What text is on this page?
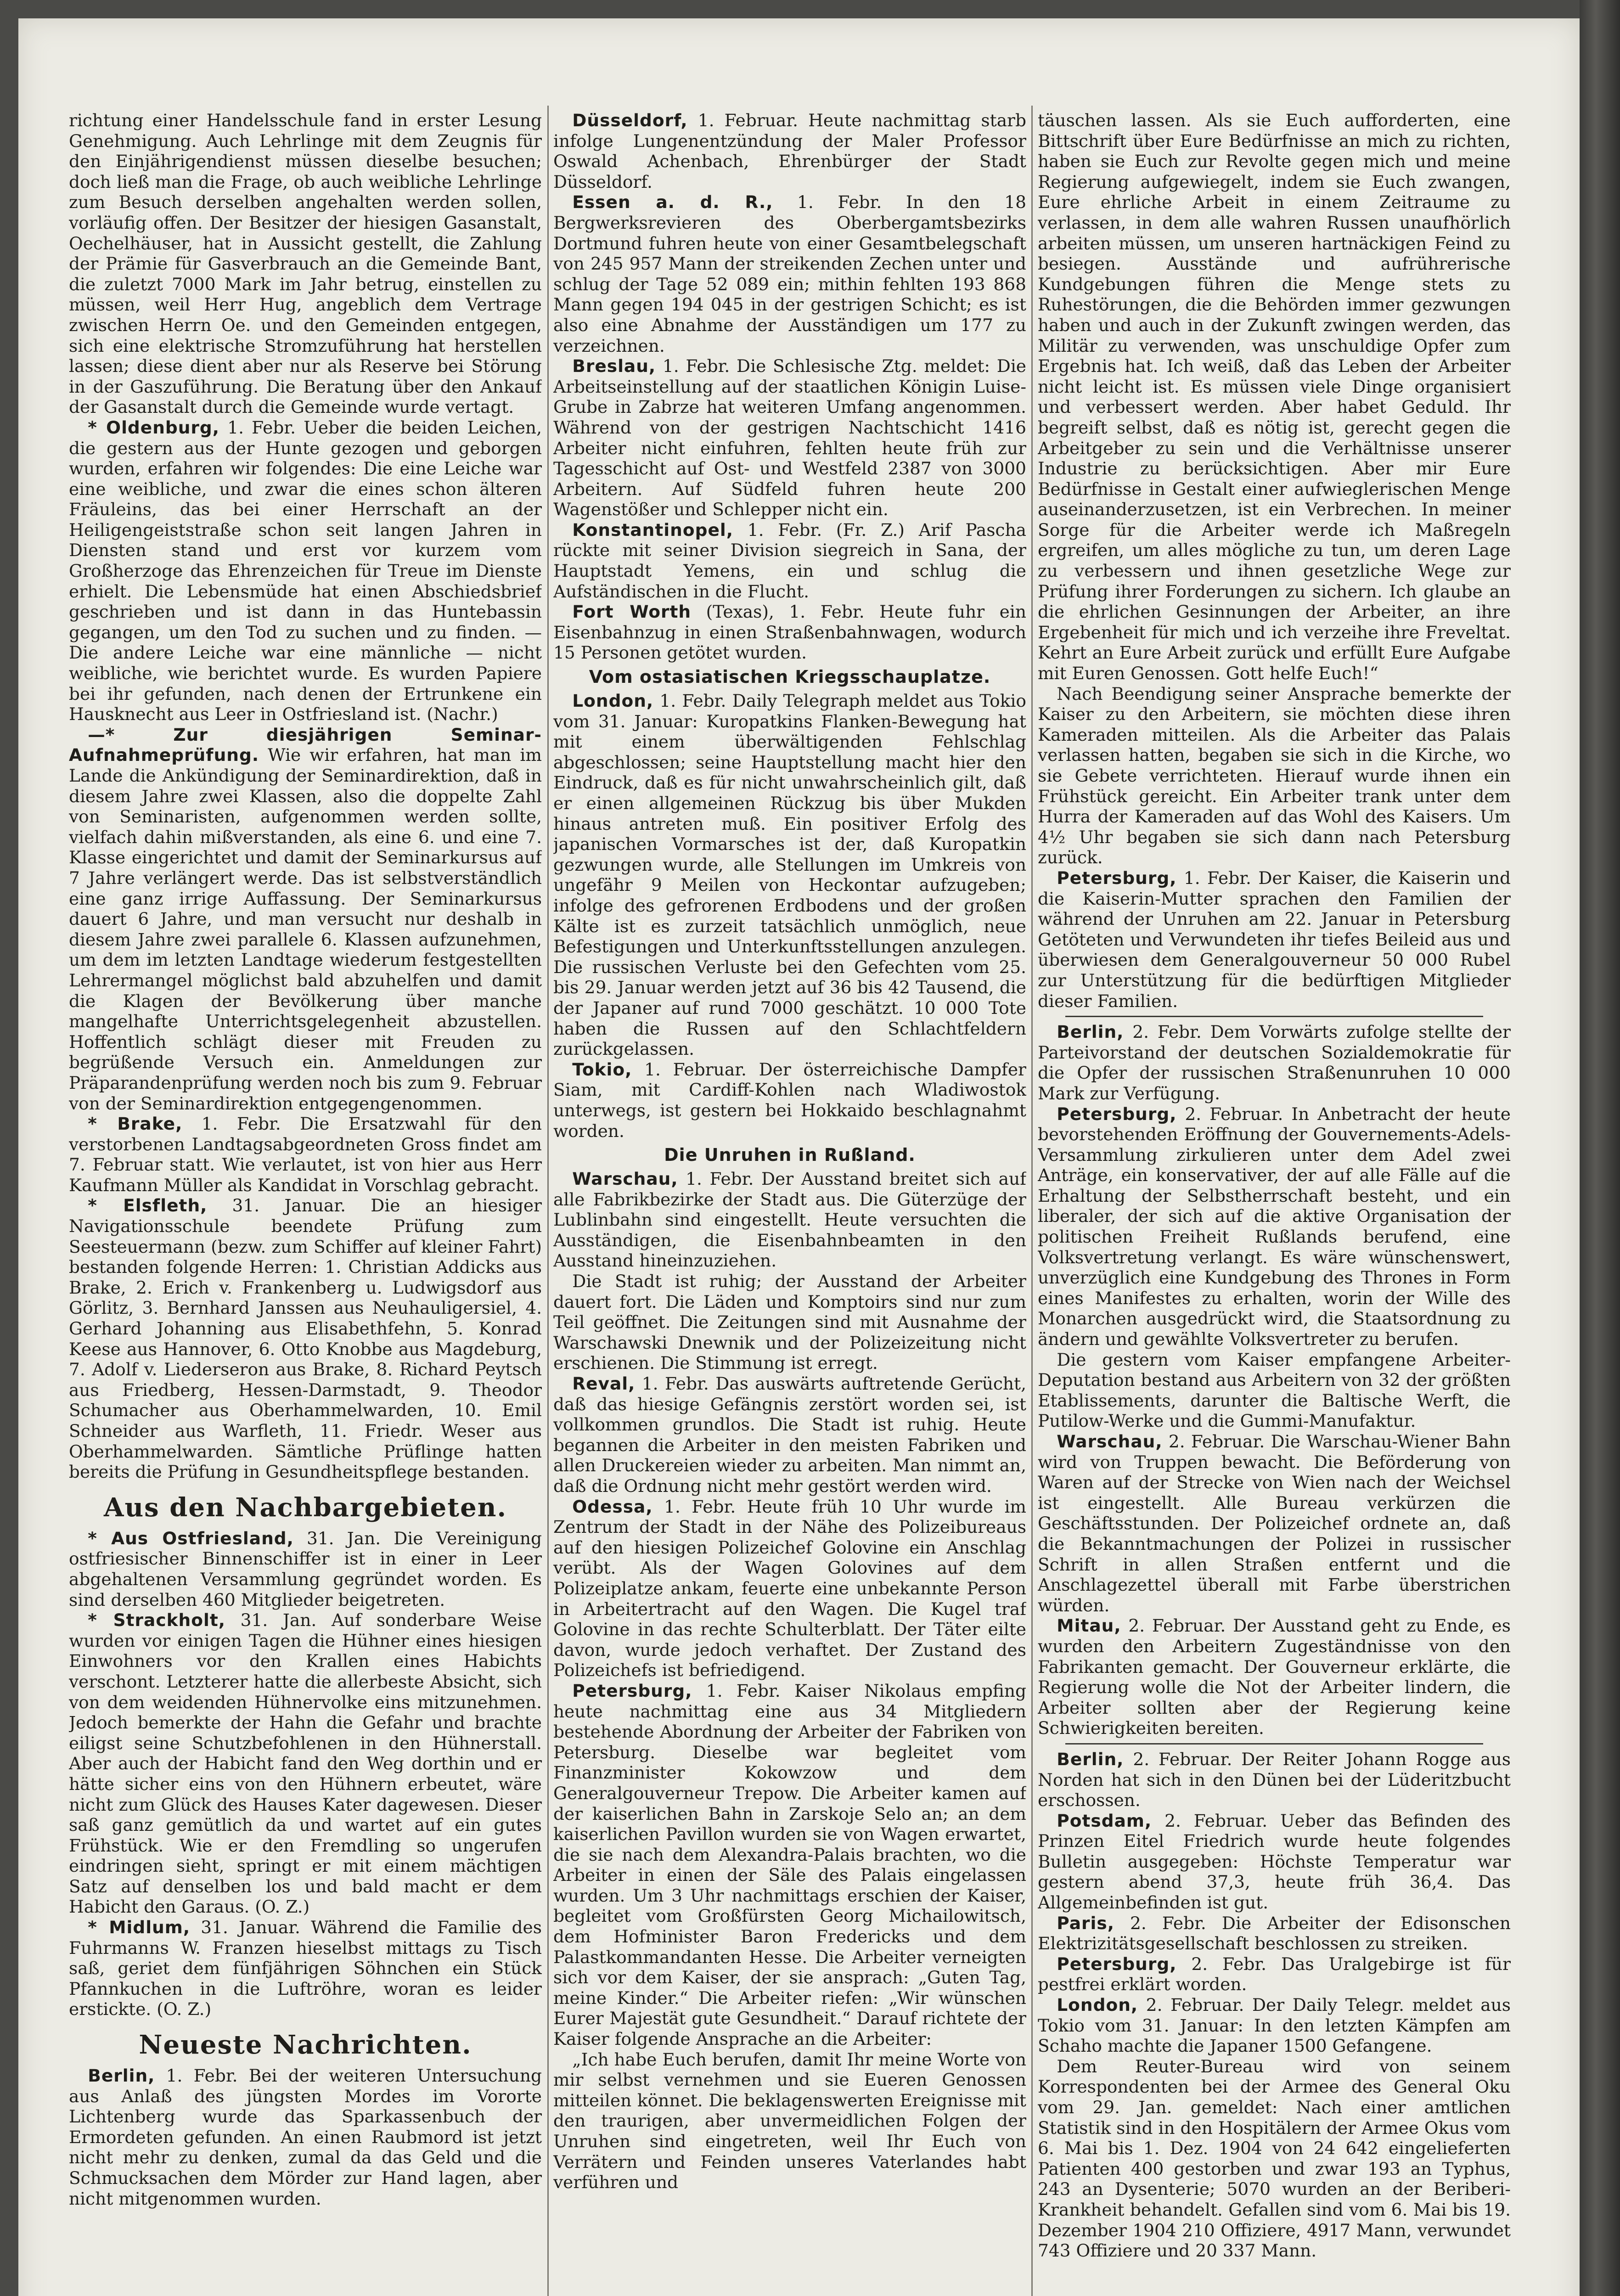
richtung einer Handelsschule fand in erster Lesung Genehmigung. Auch Lehrlinge mit dem Zeugnis für den Einjährigendienst müssen dieselbe besuchen; doch ließ man die Frage, ob auch weibliche Lehrlinge zum Besuch derselben angehalten werden sollen, vorläufig offen. Der Besitzer der hiesigen Gasanstalt, Oechelhäuser, hat in Aussicht gestellt, die Zahlung der Prämie für Gasverbrauch an die Gemeinde Bant, die zuletzt 7000 Mark im Jahr betrug, einstellen zu müssen, weil Herr Hug, angeblich dem Vertrage zwischen Herrn Oe. und den Gemeinden entgegen, sich eine elektrische Stromzuführung hat herstellen lassen; diese dient aber nur als Reserve bei Störung in der Gaszuführung. Die Beratung über den Ankauf der Gasanstalt durch die Gemeinde wurde vertagt.

* Oldenburg, 1. Febr. Ueber die beiden Leichen, die gestern aus der Hunte gezogen und geborgen wurden, erfahren wir folgendes: Die eine Leiche war eine weibliche, und zwar die eines schon älteren Fräuleins, das bei einer Herrschaft an der Heiligengeiststraße schon seit langen Jahren in Diensten stand und erst vor kurzem vom Großherzoge das Ehrenzeichen für Treue im Dienste erhielt. Die Lebensmüde hat einen Abschiedsbrief geschrieben und ist dann in das Huntebassin gegangen, um den Tod zu suchen und zu finden. — Die andere Leiche war eine männliche — nicht weibliche, wie berichtet wurde. Es wurden Papiere bei ihr gefunden, nach denen der Ertrunkene ein Hausknecht aus Leer in Ostfriesland ist. (Nachr.)

—* Zur diesjährigen Seminar-Aufnahmeprüfung. Wie wir erfahren, hat man im Lande die Ankündigung der Seminardirektion, daß in diesem Jahre zwei Klassen, also die doppelte Zahl von Seminaristen, aufgenommen werden sollte, vielfach dahin mißverstanden, als eine 6. und eine 7. Klasse eingerichtet und damit der Seminarkursus auf 7 Jahre verlängert werde. Das ist selbstverständlich eine ganz irrige Auffassung. Der Seminarkursus dauert 6 Jahre, und man versucht nur deshalb in diesem Jahre zwei parallele 6. Klassen aufzunehmen, um dem im letzten Landtage wiederum festgestellten Lehrermangel möglichst bald abzuhelfen und damit die Klagen der Bevölkerung über manche mangelhafte Unterrichtsgelegenheit abzustellen. Hoffentlich schlägt dieser mit Freuden zu begrüßende Versuch ein. Anmeldungen zur Präparandenprüfung werden noch bis zum 9. Februar von der Seminardirektion entgegengenommen.

* Brake, 1. Febr. Die Ersatzwahl für den verstorbenen Landtagsabgeordneten Gross findet am 7. Februar statt. Wie verlautet, ist von hier aus Herr Kaufmann Müller als Kandidat in Vorschlag gebracht.

* Elsfleth, 31. Januar. Die an hiesiger Navigationsschule beendete Prüfung zum Seesteuermann (bezw. zum Schiffer auf kleiner Fahrt) bestanden folgende Herren: 1. Christian Addicks aus Brake, 2. Erich v. Frankenberg u. Ludwigsdorf aus Görlitz, 3. Bernhard Janssen aus Neuhauligersiel, 4. Gerhard Johanning aus Elisabethfehn, 5. Konrad Keese aus Hannover, 6. Otto Knobbe aus Magdeburg, 7. Adolf v. Liederseron aus Brake, 8. Richard Peytsch aus Friedberg, Hessen-Darmstadt, 9. Theodor Schumacher aus Oberhammelwarden, 10. Emil Schneider aus Warfleth, 11. Friedr. Weser aus Oberhammelwarden. Sämtliche Prüflinge hatten bereits die Prüfung in Gesundheitspflege bestanden.

Aus den Nachbargebieten.

* Aus Ostfriesland, 31. Jan. Die Vereinigung ostfriesischer Binnenschiffer ist in einer in Leer abgehaltenen Versammlung gegründet worden. Es sind derselben 460 Mitglieder beigetreten.

* Strackholt, 31. Jan. Auf sonderbare Weise wurden vor einigen Tagen die Hühner eines hiesigen Einwohners vor den Krallen eines Habichts verschont. Letzterer hatte die allerbeste Absicht, sich von dem weidenden Hühnervolke eins mitzunehmen. Jedoch bemerkte der Hahn die Gefahr und brachte eiligst seine Schutzbefohlenen in den Hühnerstall. Aber auch der Habicht fand den Weg dorthin und er hätte sicher eins von den Hühnern erbeutet, wäre nicht zum Glück des Hauses Kater dagewesen. Dieser saß ganz gemütlich da und wartet auf ein gutes Frühstück. Wie er den Fremdling so ungerufen eindringen sieht, springt er mit einem mächtigen Satz auf denselben los und bald macht er dem Habicht den Garaus. (O. Z.)

* Midlum, 31. Januar. Während die Familie des Fuhrmanns W. Franzen hieselbst mittags zu Tisch saß, geriet dem fünfjährigen Söhnchen ein Stück Pfannkuchen in die Luftröhre, woran es leider erstickte. (O. Z.)

Neueste Nachrichten.

Berlin, 1. Febr. Bei der weiteren Untersuchung aus Anlaß des jüngsten Mordes im Vororte Lichtenberg wurde das Sparkassenbuch der Ermordeten gefunden. An einen Raubmord ist jetzt nicht mehr zu denken, zumal da das Geld und die Schmucksachen dem Mörder zur Hand lagen, aber nicht mitgenommen wurden.

Düsseldorf, 1. Februar. Heute nachmittag starb infolge Lungenentzündung der Maler Professor Oswald Achenbach, Ehrenbürger der Stadt Düsseldorf.

Essen a. d. R., 1. Febr. In den 18 Bergwerksrevieren des Oberbergamtsbezirks Dortmund fuhren heute von einer Gesamtbelegschaft von 245 957 Mann der streikenden Zechen unter und schlug der Tage 52 089 ein; mithin fehlten 193 868 Mann gegen 194 045 in der gestrigen Schicht; es ist also eine Abnahme der Ausständigen um 177 zu verzeichnen.

Breslau, 1. Febr. Die Schlesische Ztg. meldet: Die Arbeitseinstellung auf der staatlichen Königin Luise-Grube in Zabrze hat weiteren Umfang angenommen. Während von der gestrigen Nachtschicht 1416 Arbeiter nicht einfuhren, fehlten heute früh zur Tagesschicht auf Ost- und Westfeld 2387 von 3000 Arbeitern. Auf Südfeld fuhren heute 200 Wagenstößer und Schlepper nicht ein.

Konstantinopel, 1. Febr. (Fr. Z.) Arif Pascha rückte mit seiner Division siegreich in Sana, der Hauptstadt Yemens, ein und schlug die Aufständischen in die Flucht.

Fort Worth (Texas), 1. Febr. Heute fuhr ein Eisenbahnzug in einen Straßenbahnwagen, wodurch 15 Personen getötet wurden.

Vom ostasiatischen Kriegsschauplatze.

London, 1. Febr. Daily Telegraph meldet aus Tokio vom 31. Januar: Kuropatkins Flanken-Bewegung hat mit einem überwältigenden Fehlschlag abgeschlossen; seine Hauptstellung macht hier den Eindruck, daß es für nicht unwahrscheinlich gilt, daß er einen allgemeinen Rückzug bis über Mukden hinaus antreten muß. Ein positiver Erfolg des japanischen Vormarsches ist der, daß Kuropatkin gezwungen wurde, alle Stellungen im Umkreis von ungefähr 9 Meilen von Heckontar aufzugeben; infolge des gefrorenen Erdbodens und der großen Kälte ist es zurzeit tatsächlich unmöglich, neue Befestigungen und Unterkunftsstellungen anzulegen. Die russischen Verluste bei den Gefechten vom 25. bis 29. Januar werden jetzt auf 36 bis 42 Tausend, die der Japaner auf rund 7000 geschätzt. 10 000 Tote haben die Russen auf den Schlachtfeldern zurückgelassen.

Tokio, 1. Februar. Der österreichische Dampfer Siam, mit Cardiff-Kohlen nach Wladiwostok unterwegs, ist gestern bei Hokkaido beschlagnahmt worden.

Die Unruhen in Rußland.

Warschau, 1. Febr. Der Ausstand breitet sich auf alle Fabrikbezirke der Stadt aus. Die Güterzüge der Lublinbahn sind eingestellt. Heute versuchten die Ausständigen, die Eisenbahnbeamten in den Ausstand hineinzuziehen.

Die Stadt ist ruhig; der Ausstand der Arbeiter dauert fort. Die Läden und Komptoirs sind nur zum Teil geöffnet. Die Zeitungen sind mit Ausnahme der Warschawski Dnewnik und der Polizeizeitung nicht erschienen. Die Stimmung ist erregt.

Reval, 1. Febr. Das auswärts auftretende Gerücht, daß das hiesige Gefängnis zerstört worden sei, ist vollkommen grundlos. Die Stadt ist ruhig. Heute begannen die Arbeiter in den meisten Fabriken und allen Druckereien wieder zu arbeiten. Man nimmt an, daß die Ordnung nicht mehr gestört werden wird.

Odessa, 1. Febr. Heute früh 10 Uhr wurde im Zentrum der Stadt in der Nähe des Polizeibureaus auf den hiesigen Polizeichef Golovine ein Anschlag verübt. Als der Wagen Golovines auf dem Polizeiplatze ankam, feuerte eine unbekannte Person in Arbeitertracht auf den Wagen. Die Kugel traf Golovine in das rechte Schulterblatt. Der Täter eilte davon, wurde jedoch verhaftet. Der Zustand des Polizeichefs ist befriedigend.

Petersburg, 1. Febr. Kaiser Nikolaus empfing heute nachmittag eine aus 34 Mitgliedern bestehende Abordnung der Arbeiter der Fabriken von Petersburg. Dieselbe war begleitet vom Finanzminister Kokowzow und dem Generalgouverneur Trepow. Die Arbeiter kamen auf der kaiserlichen Bahn in Zarskoje Selo an; an dem kaiserlichen Pavillon wurden sie von Wagen erwartet, die sie nach dem Alexandra-Palais brachten, wo die Arbeiter in einen der Säle des Palais eingelassen wurden. Um 3 Uhr nachmittags erschien der Kaiser, begleitet vom Großfürsten Georg Michailowitsch, dem Hofminister Baron Fredericks und dem Palastkommandanten Hesse. Die Arbeiter verneigten sich vor dem Kaiser, der sie ansprach: „Guten Tag, meine Kinder.“ Die Arbeiter riefen: „Wir wünschen Eurer Majestät gute Gesundheit.“ Darauf richtete der Kaiser folgende Ansprache an die Arbeiter:

„Ich habe Euch berufen, damit Ihr meine Worte von mir selbst vernehmen und sie Eueren Genossen mitteilen könnet. Die beklagenswerten Ereignisse mit den traurigen, aber unvermeidlichen Folgen der Unruhen sind eingetreten, weil Ihr Euch von Verrätern und Feinden unseres Vaterlandes habt verführen und

täuschen lassen. Als sie Euch aufforderten, eine Bittschrift über Eure Bedürfnisse an mich zu richten, haben sie Euch zur Revolte gegen mich und meine Regierung aufgewiegelt, indem sie Euch zwangen, Eure ehrliche Arbeit in einem Zeitraume zu verlassen, in dem alle wahren Russen unaufhörlich arbeiten müssen, um unseren hartnäckigen Feind zu besiegen. Ausstände und aufrührerische Kundgebungen führen die Menge stets zu Ruhestörungen, die die Behörden immer gezwungen haben und auch in der Zukunft zwingen werden, das Militär zu verwenden, was unschuldige Opfer zum Ergebnis hat. Ich weiß, daß das Leben der Arbeiter nicht leicht ist. Es müssen viele Dinge organisiert und verbessert werden. Aber habet Geduld. Ihr begreift selbst, daß es nötig ist, gerecht gegen die Arbeitgeber zu sein und die Verhältnisse unserer Industrie zu berücksichtigen. Aber mir Eure Bedürfnisse in Gestalt einer aufwieglerischen Menge auseinanderzusetzen, ist ein Verbrechen. In meiner Sorge für die Arbeiter werde ich Maßregeln ergreifen, um alles mögliche zu tun, um deren Lage zu verbessern und ihnen gesetzliche Wege zur Prüfung ihrer Forderungen zu sichern. Ich glaube an die ehrlichen Gesinnungen der Arbeiter, an ihre Ergebenheit für mich und ich verzeihe ihre Freveltat. Kehrt an Eure Arbeit zurück und erfüllt Eure Aufgabe mit Euren Genossen. Gott helfe Euch!“

Nach Beendigung seiner Ansprache bemerkte der Kaiser zu den Arbeitern, sie möchten diese ihren Kameraden mitteilen. Als die Arbeiter das Palais verlassen hatten, begaben sie sich in die Kirche, wo sie Gebete verrichteten. Hierauf wurde ihnen ein Frühstück gereicht. Ein Arbeiter trank unter dem Hurra der Kameraden auf das Wohl des Kaisers. Um 4½ Uhr begaben sie sich dann nach Petersburg zurück.

Petersburg, 1. Febr. Der Kaiser, die Kaiserin und die Kaiserin-Mutter sprachen den Familien der während der Unruhen am 22. Januar in Petersburg Getöteten und Verwundeten ihr tiefes Beileid aus und überwiesen dem Generalgouverneur 50 000 Rubel zur Unterstützung für die bedürftigen Mitglieder dieser Familien.

Berlin, 2. Febr. Dem Vorwärts zufolge stellte der Parteivorstand der deutschen Sozialdemokratie für die Opfer der russischen Straßenunruhen 10 000 Mark zur Verfügung.

Petersburg, 2. Februar. In Anbetracht der heute bevorstehenden Eröffnung der Gouvernements-Adels-Versammlung zirkulieren unter dem Adel zwei Anträge, ein konservativer, der auf alle Fälle auf die Erhaltung der Selbstherrschaft besteht, und ein liberaler, der sich auf die aktive Organisation der politischen Freiheit Rußlands berufend, eine Volksvertretung verlangt. Es wäre wünschenswert, unverzüglich eine Kundgebung des Thrones in Form eines Manifestes zu erhalten, worin der Wille des Monarchen ausgedrückt wird, die Staatsordnung zu ändern und gewählte Volksvertreter zu berufen.

Die gestern vom Kaiser empfangene Arbeiter-Deputation bestand aus Arbeitern von 32 der größten Etablissements, darunter die Baltische Werft, die Putilow-Werke und die Gummi-Manufaktur.

Warschau, 2. Februar. Die Warschau-Wiener Bahn wird von Truppen bewacht. Die Beförderung von Waren auf der Strecke von Wien nach der Weichsel ist eingestellt. Alle Bureau verkürzen die Geschäftsstunden. Der Polizeichef ordnete an, daß die Bekanntmachungen der Polizei in russischer Schrift in allen Straßen entfernt und die Anschlagezettel überall mit Farbe überstrichen würden.

Mitau, 2. Februar. Der Ausstand geht zu Ende, es wurden den Arbeitern Zugeständnisse von den Fabrikanten gemacht. Der Gouverneur erklärte, die Regierung wolle die Not der Arbeiter lindern, die Arbeiter sollten aber der Regierung keine Schwierigkeiten bereiten.

Berlin, 2. Februar. Der Reiter Johann Rogge aus Norden hat sich in den Dünen bei der Lüderitzbucht erschossen.

Potsdam, 2. Februar. Ueber das Befinden des Prinzen Eitel Friedrich wurde heute folgendes Bulletin ausgegeben: Höchste Temperatur war gestern abend 37,3, heute früh 36,4. Das Allgemeinbefinden ist gut.

Paris, 2. Febr. Die Arbeiter der Edisonschen Elektrizitätsgesellschaft beschlossen zu streiken.

Petersburg, 2. Febr. Das Uralgebirge ist für pestfrei erklärt worden.

London, 2. Februar. Der Daily Telegr. meldet aus Tokio vom 31. Januar: In den letzten Kämpfen am Schaho machte die Japaner 1500 Gefangene.

Dem Reuter-Bureau wird von seinem Korrespondenten bei der Armee des General Oku vom 29. Jan. gemeldet: Nach einer amtlichen Statistik sind in den Hospitälern der Armee Okus vom 6. Mai bis 1. Dez. 1904 von 24 642 eingelieferten Patienten 400 gestorben und zwar 193 an Typhus, 243 an Dysenterie; 5070 wurden an der Beriberi-Krankheit behandelt. Gefallen sind vom 6. Mai bis 19. Dezember 1904 210 Offiziere, 4917 Mann, verwundet 743 Offiziere und 20 337 Mann.
